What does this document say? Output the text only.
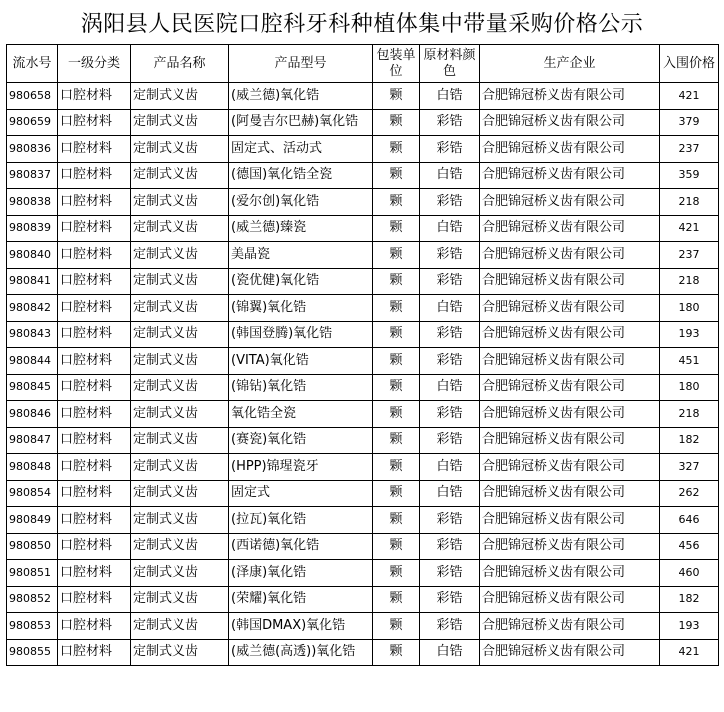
涡阳县人民医院口腔科牙科种植体集中带量采购价格公示
流水号	一级分类	产品名称	产品型号	包装单位	原材料颜色	生产企业	入围价格
980658	口腔材料	定制式义齿	(威兰德)氧化锆	颗	白锆	合肥锦冠桥义齿有限公司	421
980659	口腔材料	定制式义齿	(阿曼吉尔巴赫)氧化锆	颗	彩锆	合肥锦冠桥义齿有限公司	379
980836	口腔材料	定制式义齿	固定式、活动式	颗	彩锆	合肥锦冠桥义齿有限公司	237
980837	口腔材料	定制式义齿	(德国)氧化锆全瓷	颗	白锆	合肥锦冠桥义齿有限公司	359
980838	口腔材料	定制式义齿	(爱尔创)氧化锆	颗	彩锆	合肥锦冠桥义齿有限公司	218
980839	口腔材料	定制式义齿	(威兰德)臻瓷	颗	白锆	合肥锦冠桥义齿有限公司	421
980840	口腔材料	定制式义齿	美晶瓷	颗	彩锆	合肥锦冠桥义齿有限公司	237
980841	口腔材料	定制式义齿	(瓷优健)氧化锆	颗	彩锆	合肥锦冠桥义齿有限公司	218
980842	口腔材料	定制式义齿	(锦翼)氧化锆	颗	白锆	合肥锦冠桥义齿有限公司	180
980843	口腔材料	定制式义齿	(韩国登腾)氧化锆	颗	彩锆	合肥锦冠桥义齿有限公司	193
980844	口腔材料	定制式义齿	(VITA)氧化锆	颗	彩锆	合肥锦冠桥义齿有限公司	451
980845	口腔材料	定制式义齿	(锦钻)氧化锆	颗	白锆	合肥锦冠桥义齿有限公司	180
980846	口腔材料	定制式义齿	氧化锆全瓷	颗	彩锆	合肥锦冠桥义齿有限公司	218
980847	口腔材料	定制式义齿	(赛瓷)氧化锆	颗	彩锆	合肥锦冠桥义齿有限公司	182
980848	口腔材料	定制式义齿	(HPP)锦瑆瓷牙	颗	白锆	合肥锦冠桥义齿有限公司	327
980854	口腔材料	定制式义齿	固定式	颗	白锆	合肥锦冠桥义齿有限公司	262
980849	口腔材料	定制式义齿	(拉瓦)氧化锆	颗	彩锆	合肥锦冠桥义齿有限公司	646
980850	口腔材料	定制式义齿	(西诺德)氧化锆	颗	彩锆	合肥锦冠桥义齿有限公司	456
980851	口腔材料	定制式义齿	(泽康)氧化锆	颗	彩锆	合肥锦冠桥义齿有限公司	460
980852	口腔材料	定制式义齿	(荣耀)氧化锆	颗	彩锆	合肥锦冠桥义齿有限公司	182
980853	口腔材料	定制式义齿	(韩国DMAX)氧化锆	颗	彩锆	合肥锦冠桥义齿有限公司	193
980855	口腔材料	定制式义齿	(威兰德(高透))氧化锆	颗	白锆	合肥锦冠桥义齿有限公司	421
